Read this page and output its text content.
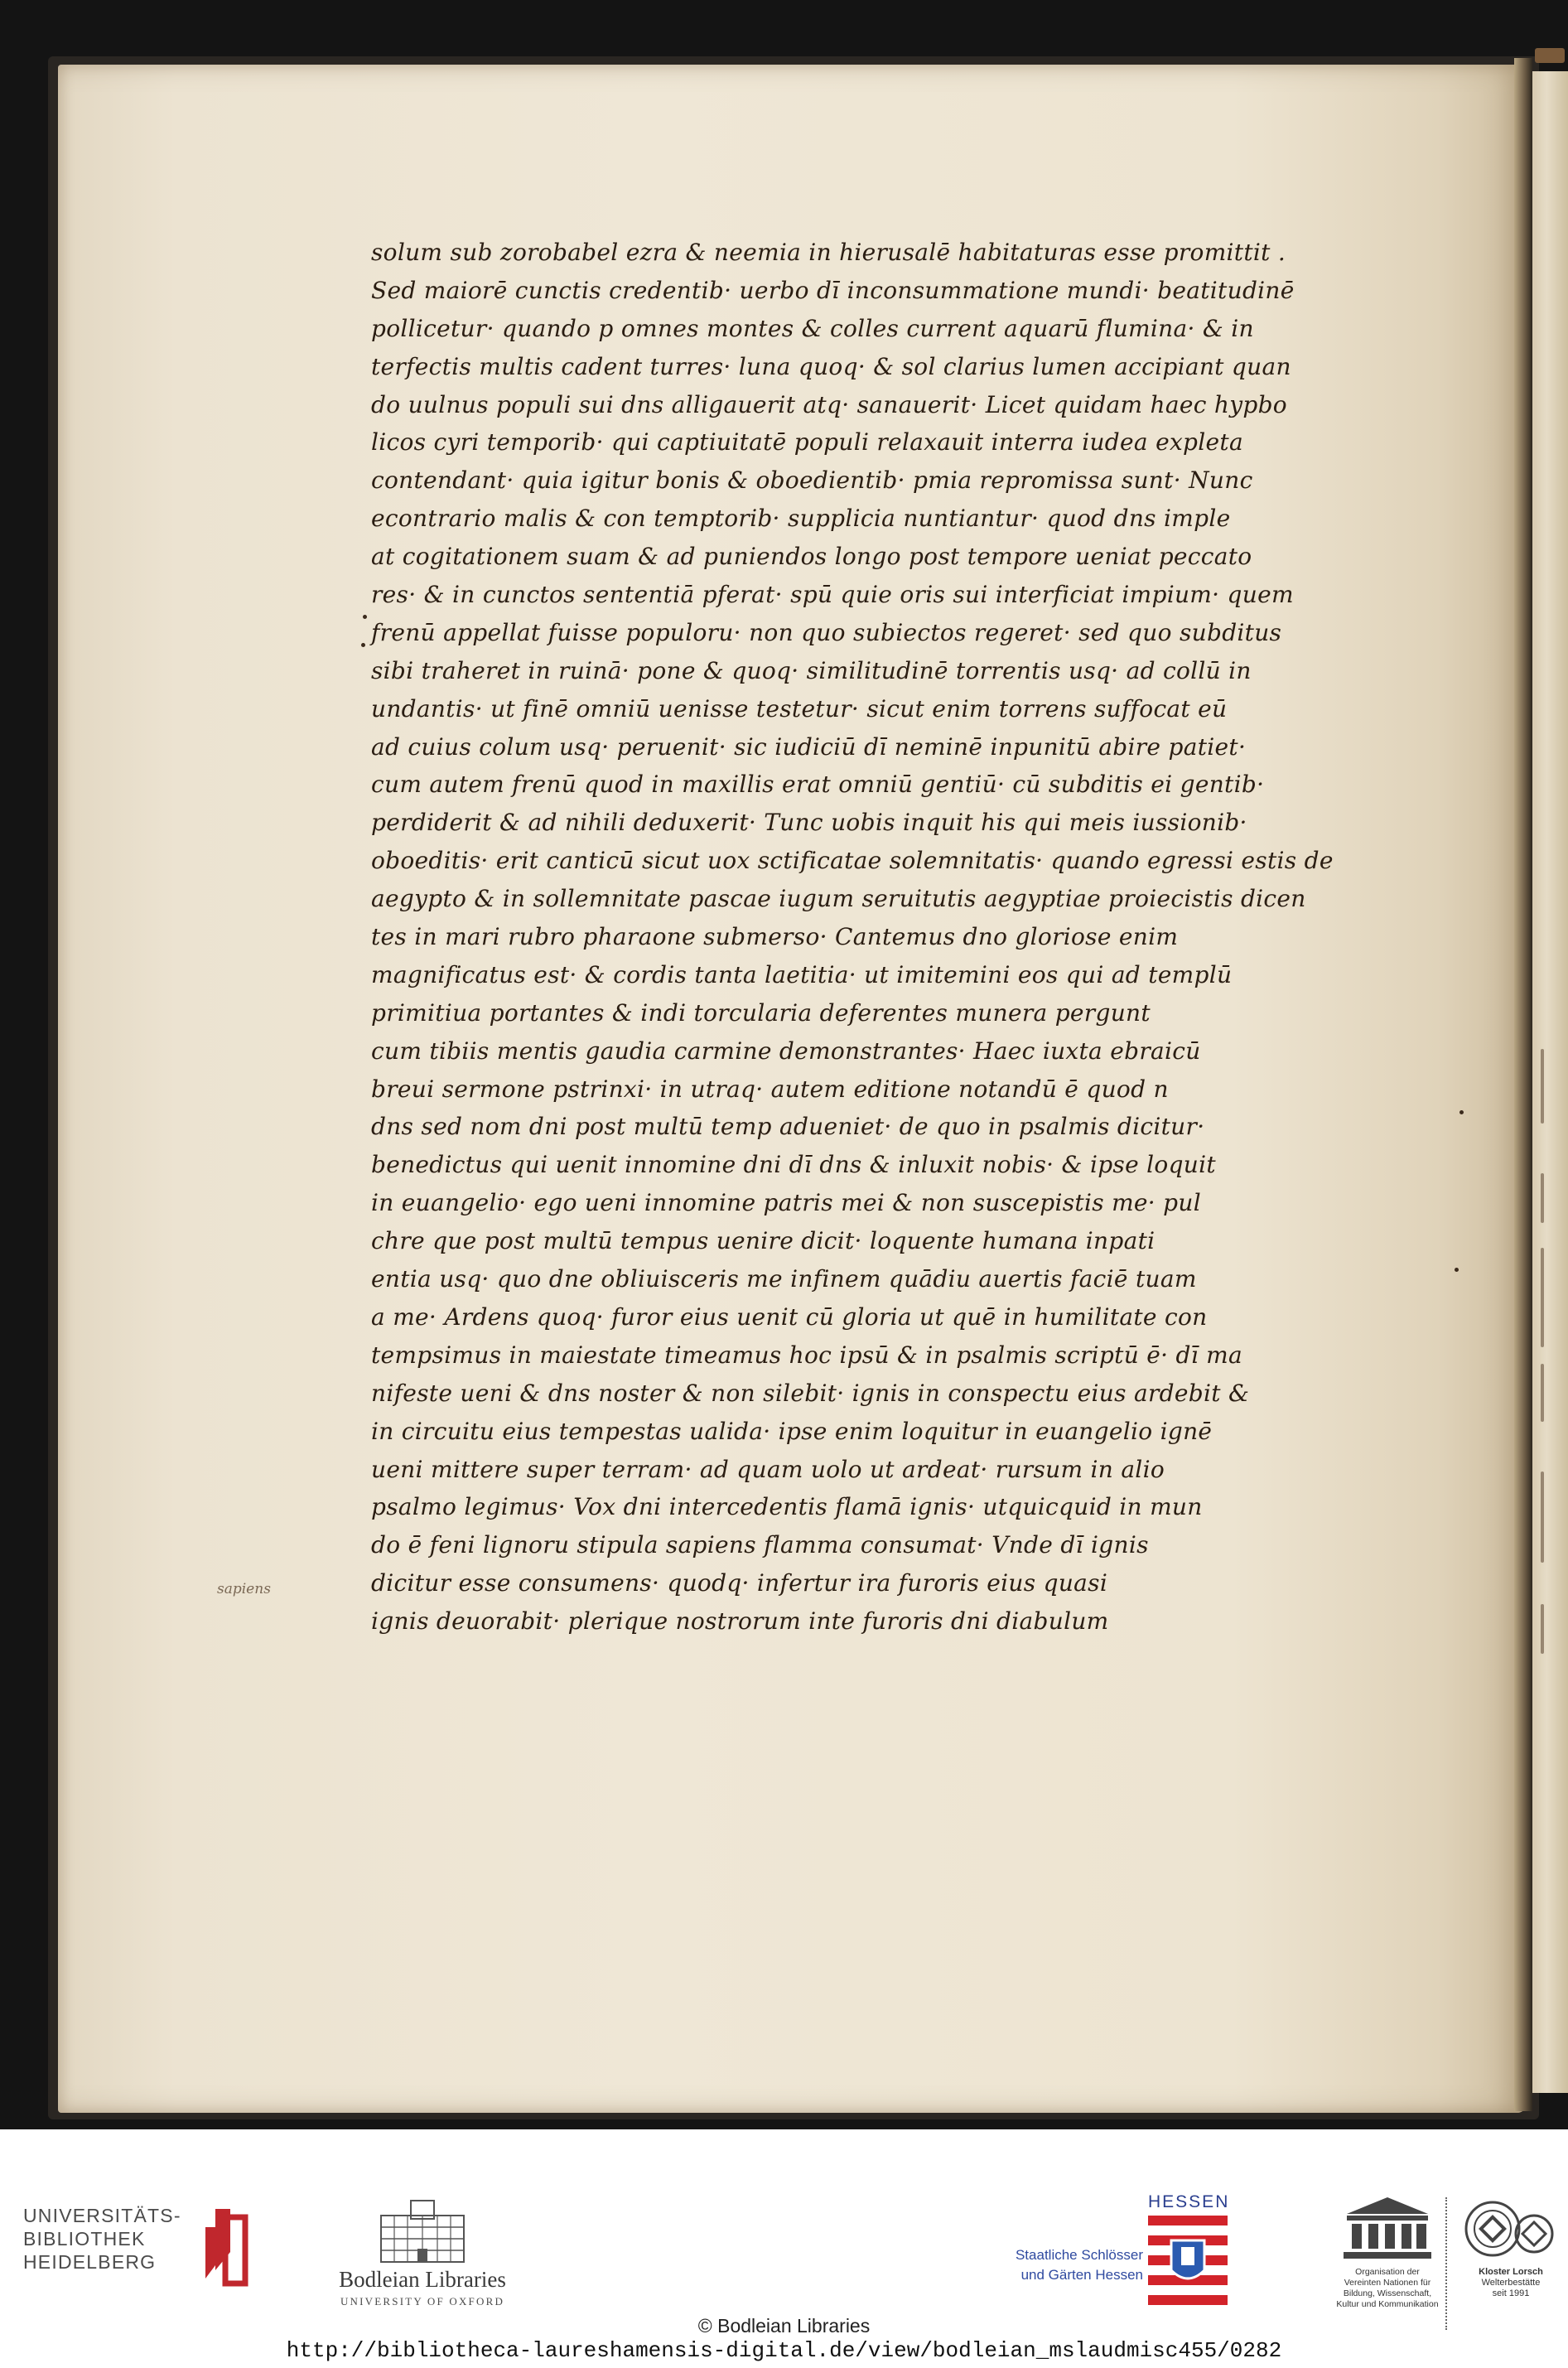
solum sub zorobabel ezra & neemia in hierusalē habitaturas esse promittit .
Sed maiorē cunctis credentib· uerbo dī inconsummatione mundi· beatitudinē
pollicetur· quando p omnes montes & colles current aquarū flumina· & in
terfectis multis cadent turres· luna quoq· & sol clarius lumen accipiant quan
do uulnus populi sui dns alligauerit atq· sanauerit· Licet quidam haec hypbo
licos cyri temporib· qui captiuitatē populi relaxauit interra iudea expleta
contendant· quia igitur bonis & oboedientib· pmia repromissa sunt· Nunc
econtrario malis & con temptorib· supplicia nuntiantur· quod dns imple
at cogitationem suam & ad puniendos longo post tempore ueniat peccato
res· & in cunctos sententiā pferat· spū quie oris sui interficiat impium· quem
frenū appellat fuisse populoru· non quo subiectos regeret· sed quo subditus
sibi traheret in ruinā· pone & quoq· similitudinē torrentis usq· ad collū in
undantis· ut finē omniū uenisse testetur· sicut enim torrens suffocat eū
ad cuius colum usq· peruenit· sic iudiciū dī neminē inpunitū abire patiet·
cum autem frenū quod in maxillis erat omniū gentiū· cū subditis ei gentib·
perdiderit & ad nihili deduxerit· Tunc uobis inquit his qui meis iussionib·
oboeditis· erit canticū sicut uox sctificatae solemnitatis· quando egressi estis de
aegypto & in sollemnitate pascae iugum seruitutis aegyptiae proiecistis dicen
tes in mari rubro pharaone submerso· Cantemus dno gloriose enim
magnificatus est· & cordis tanta laetitia· ut imitemini eos qui ad templū
primitiua portantes & indi torcularia deferentes munera pergunt
cum tibiis mentis gaudia carmine demonstrantes· Haec iuxta ebraicū
breui sermone pstrinxi· in utraq· autem editione notandū ē quod n
dns sed nom dni post multū temp adueniet· de quo in psalmis dicitur·
benedictus qui uenit innomine dni dī dns & inluxit nobis· & ipse loquit
in euangelio· ego ueni innomine patris mei & non suscepistis me· pul
chre que post multū tempus uenire dicit· loquente humana inpati
entia usq· quo dne obliuisceris me infinem quādiu auertis faciē tuam
a me· Ardens quoq· furor eius uenit cū gloria ut quē in humilitate con
tempsimus in maiestate timeamus hoc ipsū & in psalmis scriptū ē· dī ma
nifeste ueni & dns noster & non silebit· ignis in conspectu eius ardebit &
in circuitu eius tempestas ualida· ipse enim loquitur in euangelio ignē
ueni mittere super terram· ad quam uolo ut ardeat· rursum in alio
psalmo legimus· Vox dni intercedentis flamā ignis· utquicquid in mun
do ē feni lignoru stipula sapiens flamma consumat· Vnde dī ignis
dicitur esse consumens· quodq· infertur ira furoris eius quasi
ignis deuorabit· plerique nostrorum inte furoris dni diabulum
sapiens
UNIVERSITÄTS-
BIBLIOTHEK
HEIDELBERG
Bodleian Libraries
UNIVERSITY OF OXFORD
HESSEN
Staatliche Schlösser
und Gärten Hessen	Organisation der
Vereinten Nationen für
Bildung, Wissenschaft,
Kultur und Kommunikation
Kloster Lorsch
Welterbestätte
seit 1991
© Bodleian Libraries
http://bibliotheca-laureshamensis-digital.de/view/bodleian_mslaudmisc455/0282
